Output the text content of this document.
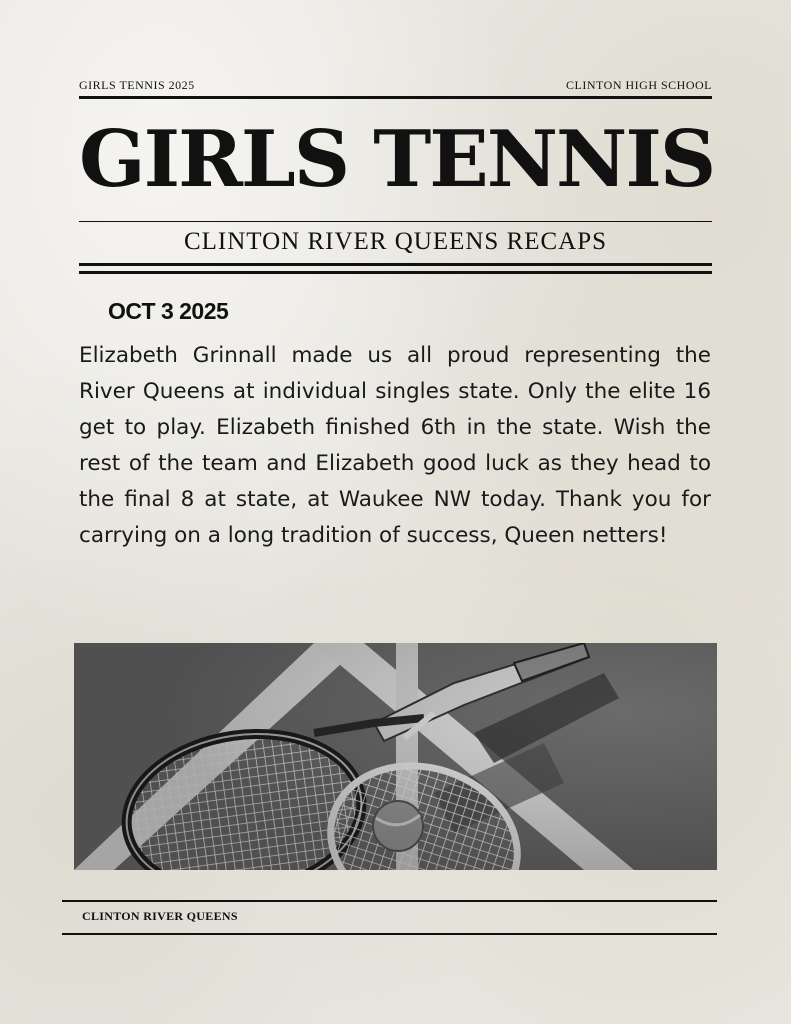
GIRLS TENNIS 2025	CLINTON HIGH SCHOOL
GIRLS TENNIS
CLINTON RIVER QUEENS RECAPS
OCT 3 2025

Elizabeth Grinnall made us all proud representing the River Queens at individual singles state. Only the elite 16 get to play. Elizabeth finished 6th in the state. Wish the rest of the team and Elizabeth good luck as they head to the final 8 at state, at Waukee NW today. Thank you for carrying on a long tradition of success, Queen netters!

CLINTON RIVER QUEENS
